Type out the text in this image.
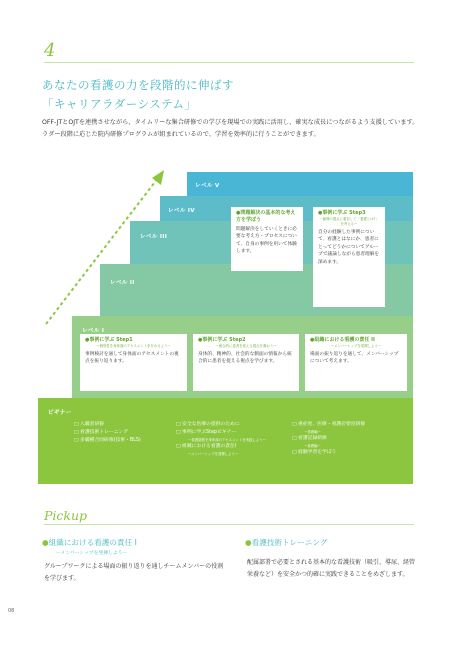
4
あなたの看護の力を段階的に伸ばす
「キャリアラダーシステム」
OFF-JTとOJTを連携させながら、タイムリーな集合研修での学びを現場での実践に活用し、確実な成長につながるよう支援しています。ラダー段階に応じた院内研修プログラムが組まれているので、学習を効率的に行うことができます。
レベル V
レベル IV
レベル III
レベル II
レベル I
ビギナー
●問題解決の基本的な考え方を学ぼう
問題解決をしていくときに必要な考え方・プロセスについて、自身の事例を用いて体験します。
●事例に学ぶ Step3
ー倫理の視点に着目して「看護とは?」を考えるー
自分の経験した事例について、看護とはなにか、患者にとってどうかについてグループで議論しながら患者理解を深めます。
●事例に学ぶ Step1
ー個別性を身体面のアセスメントを行わせようー
事例検討を通して身体面のアセスメントの視点を振り返ります。
●事例に学ぶ Step2
ー統合的に患者を捉える視点を養おうー
身体的、精神的、社会的な側面の情報から統合的に患者を捉える視点を学びます。
●組織における看護の責任 II
ーメンバーシップを発揮しようー
場面の振り返りを通して、メンバーシップについて考えます。
□ 入職者研修
□ 看護技術トレーニング
□ 多職種合同研修(技術・BLS)
□ 安全な医療の提供のために
□ 事例に学ぶStepビギナー
ー看護過程を身体面のアセスメントを実践しようー
□ 組織における看護の責任I
ーメンバーシップを発揮しようー
□ 重症度、医療・看護必要度研修
ー基礎編ー
□ 看護記録研修
ー基礎編ー
□ 経験学習を学ぼう
Pickup
●組織における看護の責任 I
ーメンバーシップを発揮しようー
グループワークによる場面の振り返りを通しチームメンバーの役割を学びます。
●看護技術トレーニング
配属部署で必要とされる基本的な看護技術（吸引、導尿、経管栄養など）を安全かつ的確に実践できることをめざします。
08
